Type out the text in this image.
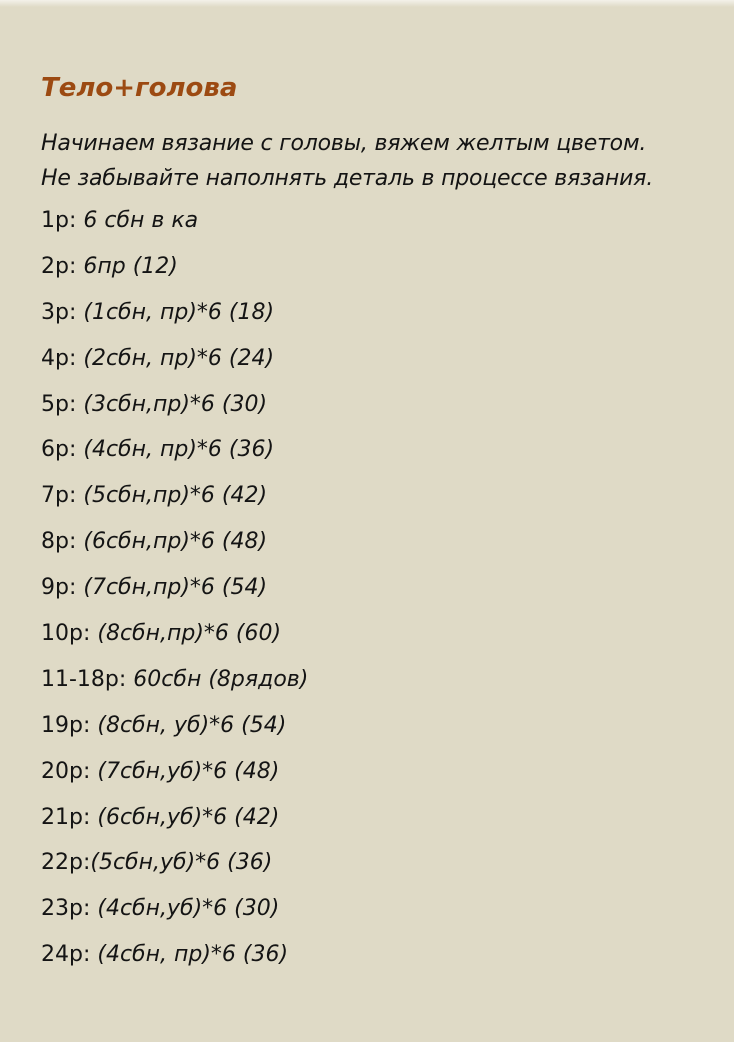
Тело+голова
Начинаем вязание с головы, вяжем желтым цветом.
Не забывайте наполнять деталь в процессе вязания.
1р: 6 сбн в ка
2р: 6пр (12)
3р: (1сбн, пр)*6 (18)
4р: (2сбн, пр)*6 (24)
5р: (3сбн,пр)*6 (30)
6р: (4сбн, пр)*6 (36)
7р: (5сбн,пр)*6 (42)
8р: (6сбн,пр)*6 (48)
9р: (7сбн,пр)*6 (54)
10р: (8сбн,пр)*6 (60)
11-18р: 60сбн (8рядов)
19р: (8сбн, уб)*6 (54)
20р: (7сбн,уб)*6 (48)
21р: (6сбн,уб)*6 (42)
22р:(5сбн,уб)*6 (36)
23р: (4сбн,уб)*6 (30)
24р: (4сбн, пр)*6 (36)
